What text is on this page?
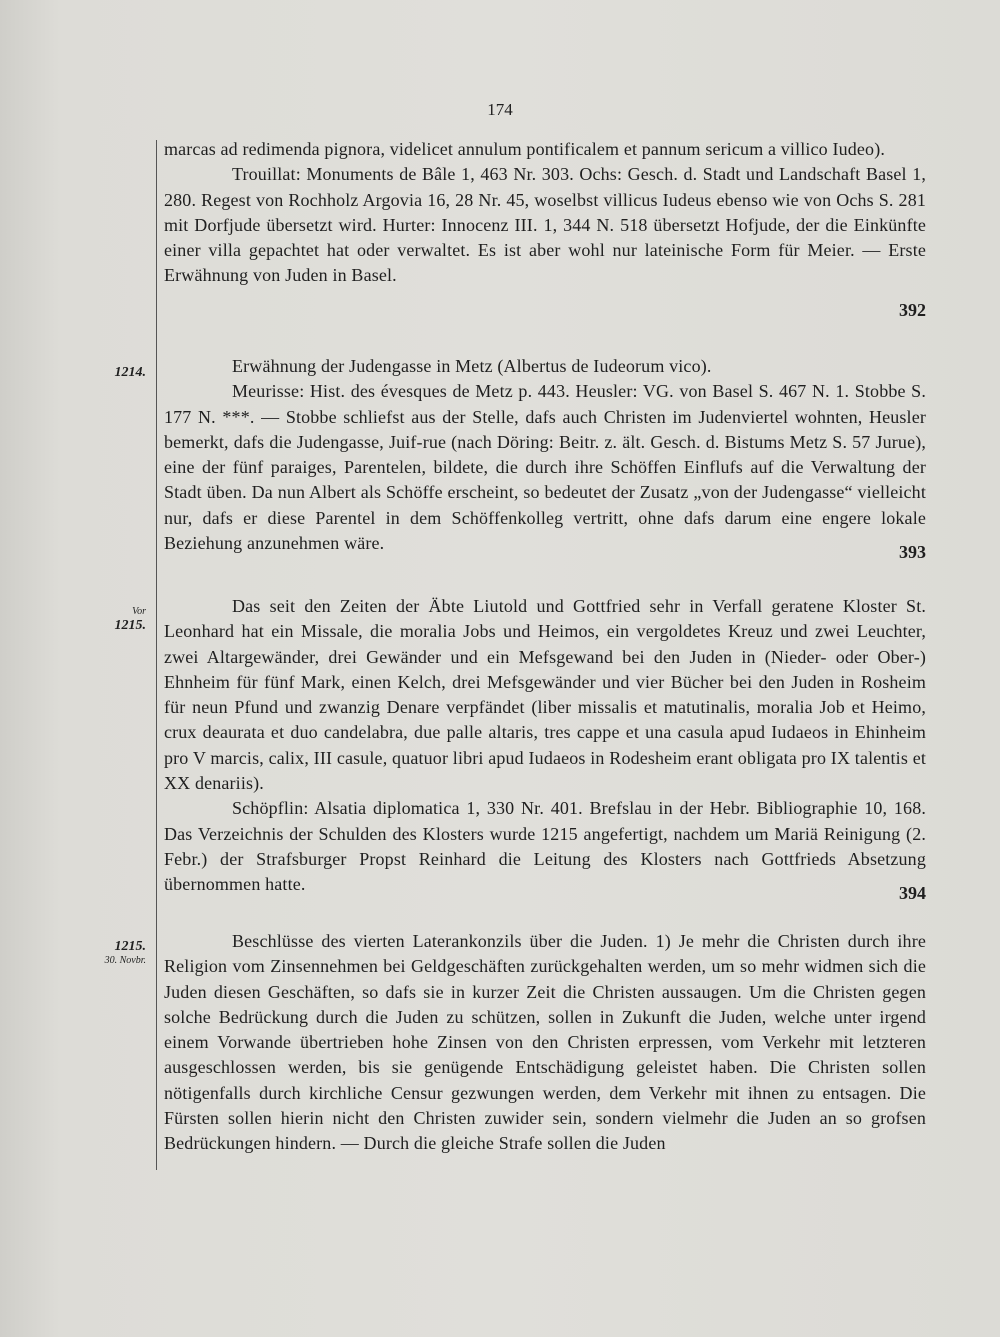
174

marcas ad redimenda pignora, videlicet annulum pontificalem et pannum sericum a villico Iudeo).

Trouillat: Monuments de Bâle 1, 463 Nr. 303. Ochs: Gesch. d. Stadt und Landschaft Basel 1, 280. Regest von Rochholz Argovia 16, 28 Nr. 45, woselbst villicus Iudeus ebenso wie von Ochs S. 281 mit Dorfjude übersetzt wird. Hurter: Innocenz III. 1, 344 N. 518 übersetzt Hofjude, der die Einkünfte einer villa gepachtet hat oder verwaltet. Es ist aber wohl nur lateinische Form für Meier. — Erste Erwähnung von Juden in Basel.

392
1214.	Erwähnung der Judengasse in Metz (Albertus de Iudeorum vico).

Meurisse: Hist. des évesques de Metz p. 443. Heusler: VG. von Basel S. 467 N. 1. Stobbe S. 177 N. ***. — Stobbe schliefst aus der Stelle, dafs auch Christen im Judenviertel wohnten, Heusler bemerkt, dafs die Judengasse, Juif-rue (nach Döring: Beitr. z. ält. Gesch. d. Bistums Metz S. 57 Jurue), eine der fünf paraiges, Parentelen, bildete, die durch ihre Schöffen Einflufs auf die Verwaltung der Stadt üben. Da nun Albert als Schöffe erscheint, so bedeutet der Zusatz „von der Judengasse“ vielleicht nur, dafs er diese Parentel in dem Schöffenkolleg vertritt, ohne dafs darum eine engere lokale Beziehung anzunehmen wäre.	393
Vor
1215.

Das seit den Zeiten der Äbte Liutold und Gottfried sehr in Verfall geratene Kloster St. Leonhard hat ein Missale, die moralia Jobs und Heimos, ein vergoldetes Kreuz und zwei Leuchter, zwei Altargewänder, drei Gewänder und ein Mefsgewand bei den Juden in (Nieder- oder Ober-) Ehnheim für fünf Mark, einen Kelch, drei Mefsgewänder und vier Bücher bei den Juden in Rosheim für neun Pfund und zwanzig Denare verpfändet (liber missalis et matutinalis, moralia Job et Heimo, crux deaurata et duo candelabra, due palle altaris, tres cappe et una casula apud Iudaeos in Ehinheim pro V marcis, calix, III casule, quatuor libri apud Iudaeos in Rodesheim erant obligata pro IX talentis et XX denariis).

Schöpflin: Alsatia diplomatica 1, 330 Nr. 401. Brefslau in der Hebr. Bibliographie 10, 168. Das Verzeichnis der Schulden des Klosters wurde 1215 angefertigt, nachdem um Mariä Reinigung (2. Febr.) der Strafsburger Propst Reinhard die Leitung des Klosters nach Gottfrieds Absetzung übernommen hatte.	394
1215.
30. Novbr.

Beschlüsse des vierten Laterankonzils über die Juden. 1) Je mehr die Christen durch ihre Religion vom Zinsennehmen bei Geldgeschäften zurückgehalten werden, um so mehr widmen sich die Juden diesen Geschäften, so dafs sie in kurzer Zeit die Christen aussaugen. Um die Christen gegen solche Bedrückung durch die Juden zu schützen, sollen in Zukunft die Juden, welche unter irgend einem Vorwande übertrieben hohe Zinsen von den Christen erpressen, vom Verkehr mit letzteren ausgeschlossen werden, bis sie genügende Entschädigung geleistet haben. Die Christen sollen nötigenfalls durch kirchliche Censur gezwungen werden, dem Verkehr mit ihnen zu entsagen. Die Fürsten sollen hierin nicht den Christen zuwider sein, sondern vielmehr die Juden an so grofsen Bedrückungen hindern. — Durch die gleiche Strafe sollen die Juden
